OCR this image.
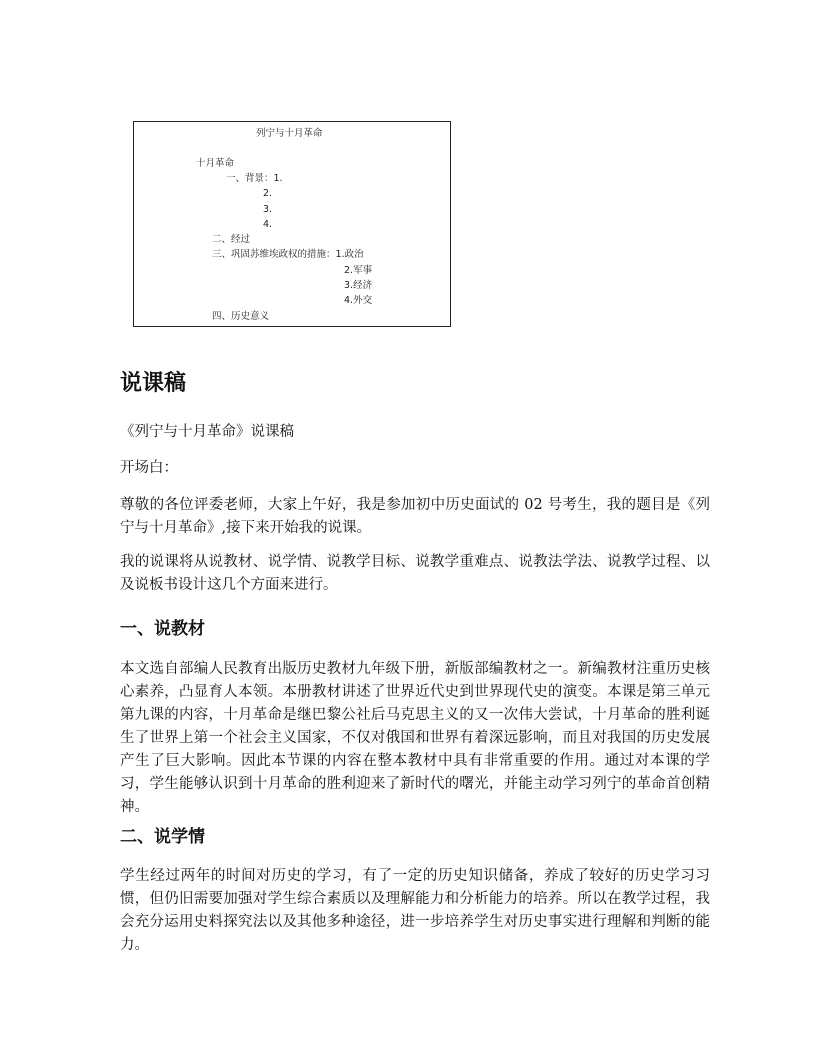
列宁与十月革命
十月革命
一、背景：1.
2.
3.
4.
二、经过
三、巩固苏维埃政权的措施：1.政治
2.军事
3.经济
4.外交
四、历史意义
说课稿

《列宁与十月革命》说课稿

开场白：

尊敬的各位评委老师，大家上午好，我是参加初中历史面试的 02 号考生，我的题目是《列宁与十月革命》,接下来开始我的说课。

我的说课将从说教材、说学情、说教学目标、说教学重难点、说教法学法、说教学过程、以及说板书设计这几个方面来进行。

一、说教材

本文选自部编人民教育出版历史教材九年级下册，新版部编教材之一。新编教材注重历史核心素养，凸显育人本领。本册教材讲述了世界近代史到世界现代史的演变。本课是第三单元第九课的内容，十月革命是继巴黎公社后马克思主义的又一次伟大尝试，十月革命的胜利诞生了世界上第一个社会主义国家，不仅对俄国和世界有着深远影响，而且对我国的历史发展产生了巨大影响。因此本节课的内容在整本教材中具有非常重要的作用。通过对本课的学习，学生能够认识到十月革命的胜利迎来了新时代的曙光，并能主动学习列宁的革命首创精神。

二、说学情

学生经过两年的时间对历史的学习，有了一定的历史知识储备，养成了较好的历史学习习惯，但仍旧需要加强对学生综合素质以及理解能力和分析能力的培养。所以在教学过程，我会充分运用史料探究法以及其他多种途径，进一步培养学生对历史事实进行理解和判断的能力。
